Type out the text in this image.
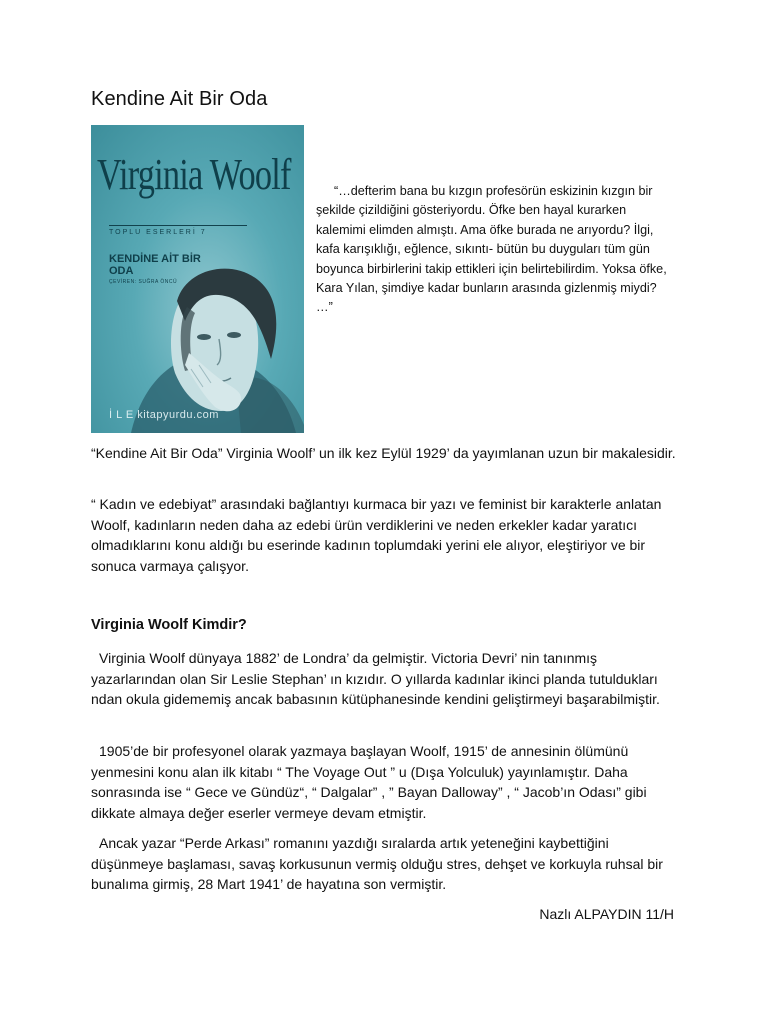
Kendine Ait Bir Oda
Virginia Woolf
TOPLU ESERLERİ 7
KENDİNE AİT BİR ODA
ÇEVİREN: SUĞRA ÖNCÜ
İ L E kitapyurdu.com

“…defterim bana bu kızgın profesörün eskizinin kızgın bir şekilde çizildiğini gösteriyordu. Öfke ben hayal kurarken kalemimi elimden almıştı. Ama öfke burada ne arıyordu? İlgi, kafa karışıklığı, eğlence, sıkıntı- bütün bu duyguları tüm gün boyunca birbirlerini takip ettikleri için belirtebilirdim. Yoksa öfke, Kara Yılan, şimdiye kadar bunların arasında gizlenmiş miydi? …”

“Kendine Ait Bir Oda” Virginia Woolf’ un ilk kez Eylül 1929’ da yayımlanan uzun bir makalesidir.

“ Kadın ve edebiyat” arasındaki bağlantıyı kurmaca bir yazı ve feminist bir karakterle anlatan Woolf, kadınların neden daha az edebi ürün verdiklerini ve neden erkekler kadar yaratıcı olmadıklarını konu aldığı bu eserinde kadının toplumdaki yerini ele alıyor, eleştiriyor ve bir sonuca varmaya çalışyor.

Virginia Woolf Kimdir?

Virginia Woolf dünyaya 1882’ de Londra’ da gelmiştir. Victoria Devri’ nin tanınmış yazarlarından olan Sir Leslie Stephan’ ın kızıdır. O yıllarda kadınlar ikinci planda tutuldukları ndan okula gidememiş ancak babasının kütüphanesinde kendini geliştirmeyi başarabilmiştir.

1905’de bir profesyonel olarak yazmaya başlayan Woolf, 1915’ de annesinin ölümünü yenmesini konu alan ilk kitabı “ The Voyage Out ” u (Dışa Yolculuk) yayınlamıştır. Daha sonrasında ise “ Gece ve Gündüz“, “ Dalgalar” , ” Bayan Dalloway” , “ Jacob’ın Odası” gibi dikkate almaya değer eserler vermeye devam etmiştir.

Ancak yazar “Perde Arkası” romanını yazdığı sıralarda artık yeteneğini kaybettiğini düşünmeye başlaması, savaş korkusunun vermiş olduğu stres, dehşet ve korkuyla ruhsal bir bunalıma girmiş, 28 Mart 1941’ de hayatına son vermiştir.

Nazlı ALPAYDIN 11/H
